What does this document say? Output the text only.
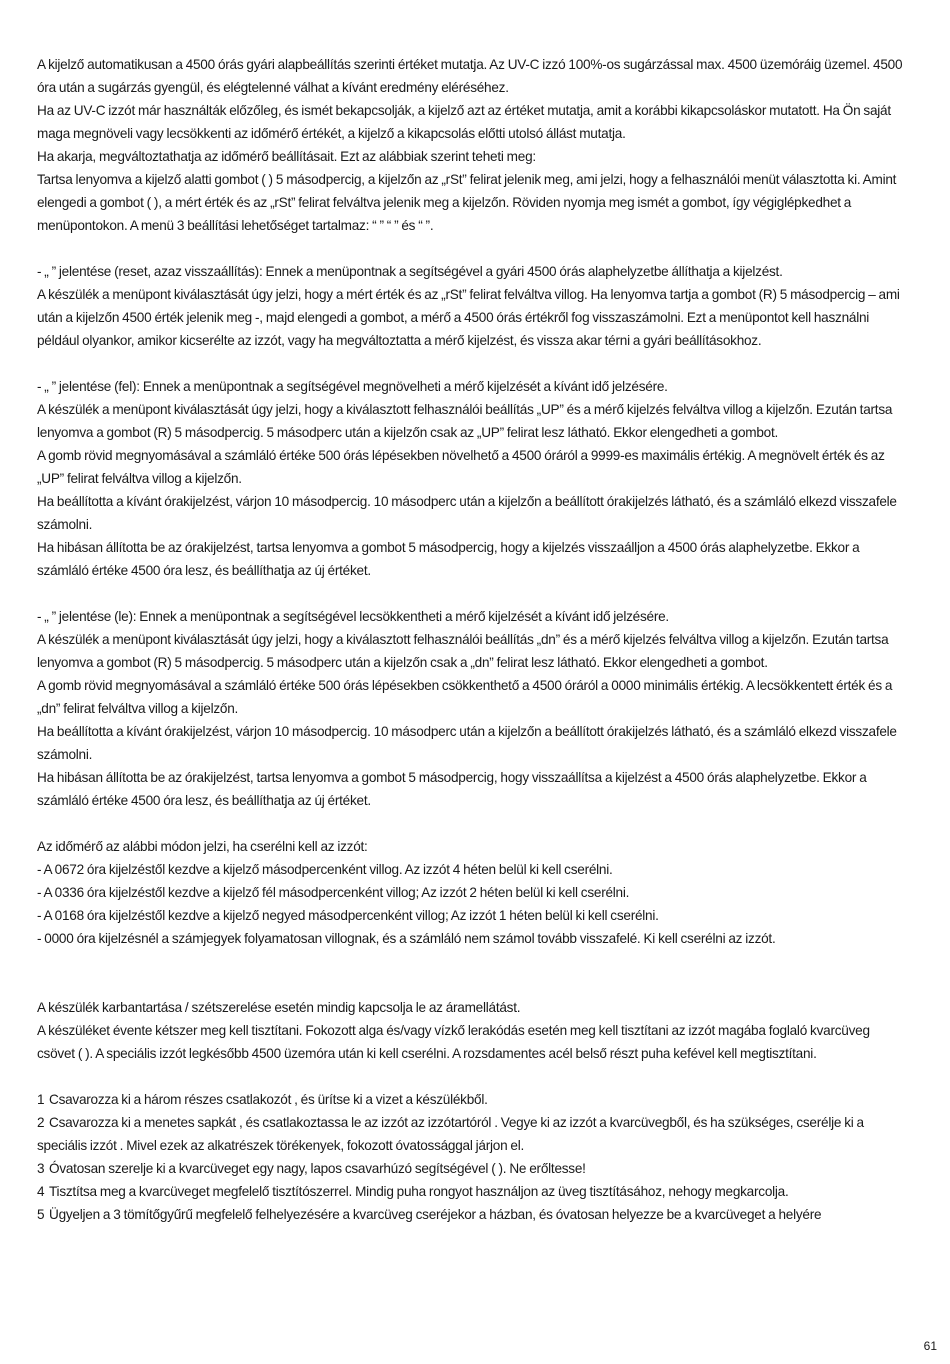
A kijelző automatikusan a 4500 órás gyári alapbeállítás szerinti értéket mutatja. Az UV-C izzó 100%-os sugárzással max. 4500 üzemóráig üzemel. 4500 óra után a sugárzás gyengül, és elégtelenné válhat a kívánt eredmény eléréséhez.

Ha az UV-C izzót már használták előzőleg, és ismét bekapcsolják, a kijelző azt az értéket mutatja, amit a korábbi kikapcsoláskor mutatott. Ha Ön saját maga megnöveli vagy lecsökkenti az időmérő értékét, a kijelző a kikapcsolás előtti utolsó állást mutatja.

Ha akarja, megváltoztathatja az időmérő beállításait. Ezt az alábbiak szerint teheti meg:

Tartsa lenyomva a kijelző alatti gombot ( ) 5 másodpercig, a kijelzőn az „rSt” felirat jelenik meg, ami jelzi, hogy a felhasználói menüt választotta ki. Amint elengedi a gombot ( ), a mért érték és az „rSt” felirat felváltva jelenik meg a kijelzőn. Röviden nyomja meg ismét a gombot, így végiglépkedhet a menüpontokon. A menü 3 beállítási lehetőséget tartalmaz: “ ” “ ” és “ ”.

- „ ” jelentése (reset, azaz visszaállítás): Ennek a menüpontnak a segítségével a gyári 4500 órás alaphelyzetbe állíthatja a kijelzést.

A készülék a menüpont kiválasztását úgy jelzi, hogy a mért érték és az „rSt” felirat felváltva villog. Ha lenyomva tartja a gombot (R) 5 másodpercig – ami után a kijelzőn 4500 érték jelenik meg -, majd elengedi a gombot, a mérő a 4500 órás értékről fog visszaszámolni. Ezt a menüpontot kell használni például olyankor, amikor kicserélte az izzót, vagy ha megváltoztatta a mérő kijelzést, és vissza akar térni a gyári beállításokhoz.

- „ ” jelentése (fel): Ennek a menüpontnak a segítségével megnövelheti a mérő kijelzését a kívánt idő jelzésére.

A készülék a menüpont kiválasztását úgy jelzi, hogy a kiválasztott felhasználói beállítás „UP” és a mérő kijelzés felváltva villog a kijelzőn. Ezután tartsa lenyomva a gombot (R) 5 másodpercig. 5 másodperc után a kijelzőn csak az „UP” felirat lesz látható. Ekkor elengedheti a gombot.

A gomb rövid megnyomásával a számláló értéke 500 órás lépésekben növelhető a 4500 óráról a 9999-es maximális értékig. A megnövelt érték és az „UP” felirat felváltva villog a kijelzőn.

Ha beállította a kívánt órakijelzést, várjon 10 másodpercig. 10 másodperc után a kijelzőn a beállított órakijelzés látható, és a számláló elkezd visszafele számolni.

Ha hibásan állította be az órakijelzést, tartsa lenyomva a gombot 5 másodpercig, hogy a kijelzés visszaálljon a 4500 órás alaphelyzetbe. Ekkor a számláló értéke 4500 óra lesz, és beállíthatja az új értéket.

- „ ” jelentése (le): Ennek a menüpontnak a segítségével lecsökkentheti a mérő kijelzését a kívánt idő jelzésére.

A készülék a menüpont kiválasztását úgy jelzi, hogy a kiválasztott felhasználói beállítás „dn” és a mérő kijelzés felváltva villog a kijelzőn. Ezután tartsa lenyomva a gombot (R) 5 másodpercig. 5 másodperc után a kijelzőn csak a „dn” felirat lesz látható. Ekkor elengedheti a gombot.

A gomb rövid megnyomásával a számláló értéke 500 órás lépésekben csökkenthető a 4500 óráról a 0000 minimális értékig. A lecsökkentett érték és a „dn” felirat felváltva villog a kijelzőn.

Ha beállította a kívánt órakijelzést, várjon 10 másodpercig. 10 másodperc után a kijelzőn a beállított órakijelzés látható, és a számláló elkezd visszafele számolni.

Ha hibásan állította be az órakijelzést, tartsa lenyomva a gombot 5 másodpercig, hogy visszaállítsa a kijelzést a 4500 órás alaphelyzetbe. Ekkor a számláló értéke 4500 óra lesz, és beállíthatja az új értéket.

Az időmérő az alábbi módon jelzi, ha cserélni kell az izzót:

- A 0672 óra kijelzéstől kezdve a kijelző másodpercenként villog. Az izzót 4 héten belül ki kell cserélni.

- A 0336 óra kijelzéstől kezdve a kijelző fél másodpercenként villog; Az izzót 2 héten belül ki kell cserélni.

- A 0168 óra kijelzéstől kezdve a kijelző negyed másodpercenként villog; Az izzót 1 héten belül ki kell cserélni.

- 0000 óra kijelzésnél a számjegyek folyamatosan villognak, és a számláló nem számol tovább visszafelé. Ki kell cserélni az izzót.

A készülék karbantartása / szétszerelése esetén mindig kapcsolja le az áramellátást.

A készüléket évente kétszer meg kell tisztítani. Fokozott alga és/vagy vízkő lerakódás esetén meg kell tisztítani az izzót magába foglaló kvarcüveg csövet ( ). A speciális izzót legkésőbb 4500 üzemóra után ki kell cserélni. A rozsdamentes acél belső részt puha kefével kell megtisztítani.

1 Csavarozza ki a három részes csatlakozót , és ürítse ki a vizet a készülékből.

2 Csavarozza ki a menetes sapkát , és csatlakoztassa le az izzót az izzótartóról . Vegye ki az izzót a kvarcüvegből, és ha szükséges, cserélje ki a speciális izzót . Mivel ezek az alkatrészek törékenyek, fokozott óvatossággal járjon el.

3 Óvatosan szerelje ki a kvarcüveget egy nagy, lapos csavarhúzó segítségével ( ). Ne erőltesse!

4 Tisztítsa meg a kvarcüveget megfelelő tisztítószerrel. Mindig puha rongyot használjon az üveg tisztításához, nehogy megkarcolja.

5 Ügyeljen a 3 tömítőgyűrű megfelelő felhelyezésére a kvarcüveg cseréjekor a házban, és óvatosan helyezze be a kvarcüveget a helyére

61
